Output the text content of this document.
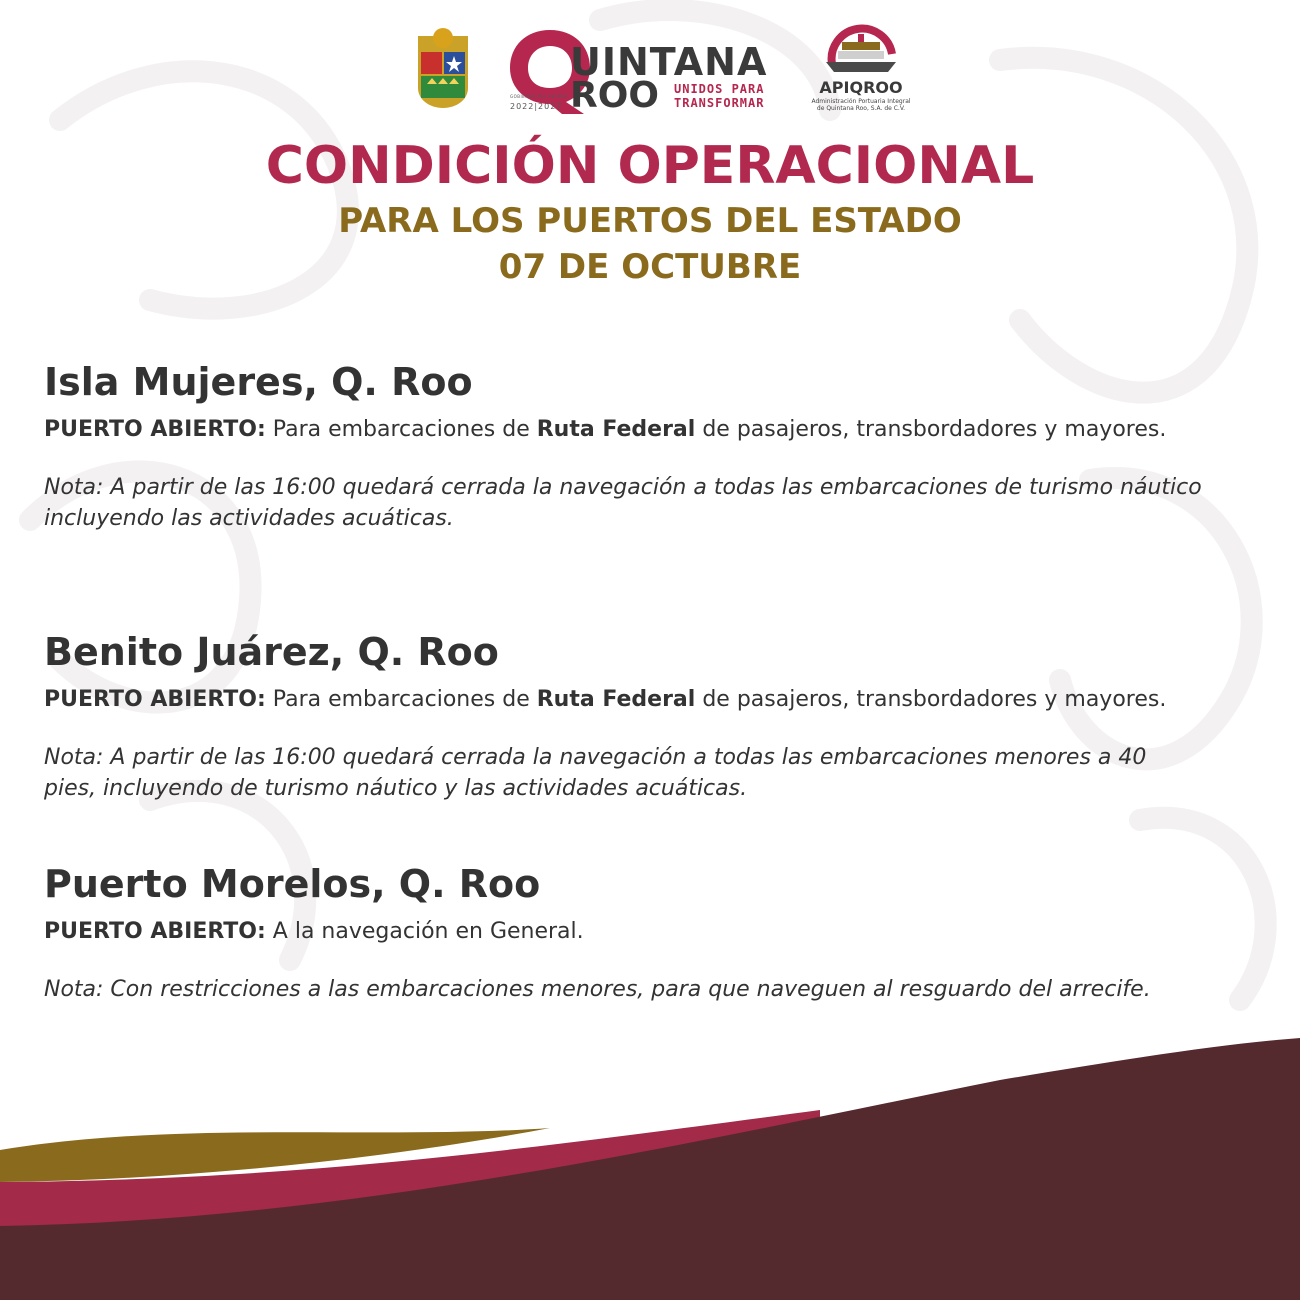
UINTANA
ROO UNIDOS PARA
TRANSFORMAR
GOBIERNO DEL ESTADO
2022|2027
APIQROO
Administración Portuaria Integral
de Quintana Roo, S.A. de C.V.
CONDICIÓN OPERACIONAL
PARA LOS PUERTOS DEL ESTADO
07 DE OCTUBRE
Isla Mujeres, Q. Roo

PUERTO ABIERTO: Para embarcaciones de Ruta Federal de pasajeros, transbordadores y mayores.

Nota: A partir de las 16:00 quedará cerrada la navegación a todas las embarcaciones de turismo náutico incluyendo las actividades acuáticas.

Benito Juárez, Q. Roo

PUERTO ABIERTO: Para embarcaciones de Ruta Federal de pasajeros, transbordadores y mayores.

Nota: A partir de las 16:00 quedará cerrada la navegación a todas las embarcaciones menores a 40 pies, incluyendo de turismo náutico y las actividades acuáticas.

Puerto Morelos, Q. Roo

PUERTO ABIERTO: A la navegación en General.

Nota: Con restricciones a las embarcaciones menores, para que naveguen al resguardo del arrecife.
